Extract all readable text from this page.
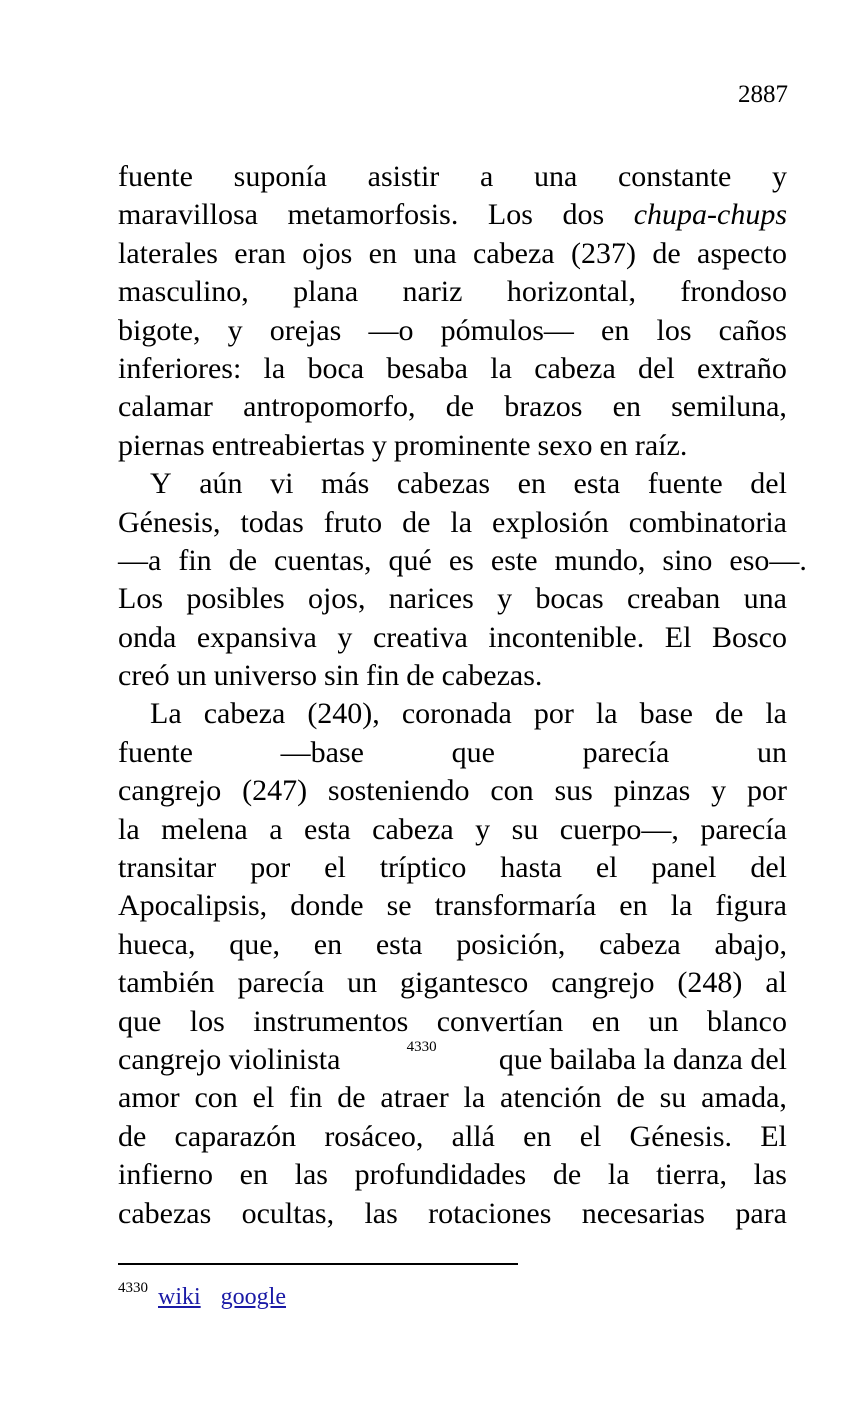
2887
fuente suponía asistir a una constante y
maravillosa metamorfosis. Los dos chupa-chups
laterales eran ojos en una cabeza (237) de aspecto
masculino, plana nariz horizontal, frondoso
bigote, y orejas —o pómulos— en los caños
inferiores: la boca besaba la cabeza del extraño
calamar antropomorfo, de brazos en semiluna,
piernas entreabiertas y prominente sexo en raíz.
Y aún vi más cabezas en esta fuente del
Génesis, todas fruto de la explosión combinatoria
—a fin de cuentas, qué es este mundo, sino eso—.
Los posibles ojos, narices y bocas creaban una
onda expansiva y creativa incontenible. El Bosco
creó un universo sin fin de cabezas.
La cabeza (240), coronada por la base de la
fuente	—base	que	parecía	un
cangrejo (247) sosteniendo con sus pinzas y por
la melena a esta cabeza y su cuerpo—, parecía
transitar por el tríptico hasta el panel del
Apocalipsis, donde se transformaría en la figura
hueca, que, en esta posición, cabeza abajo,
también parecía un gigantesco cangrejo (248) al
que los instrumentos convertían en un blanco
cangrejo violinista	4330 que bailaba la danza del
amor con el fin de atraer la atención de su amada,
de caparazón rosáceo, allá en el Génesis. El
infierno en las profundidades de la tierra, las
cabezas ocultas, las rotaciones necesarias para
$^{4330}$ wiki google
